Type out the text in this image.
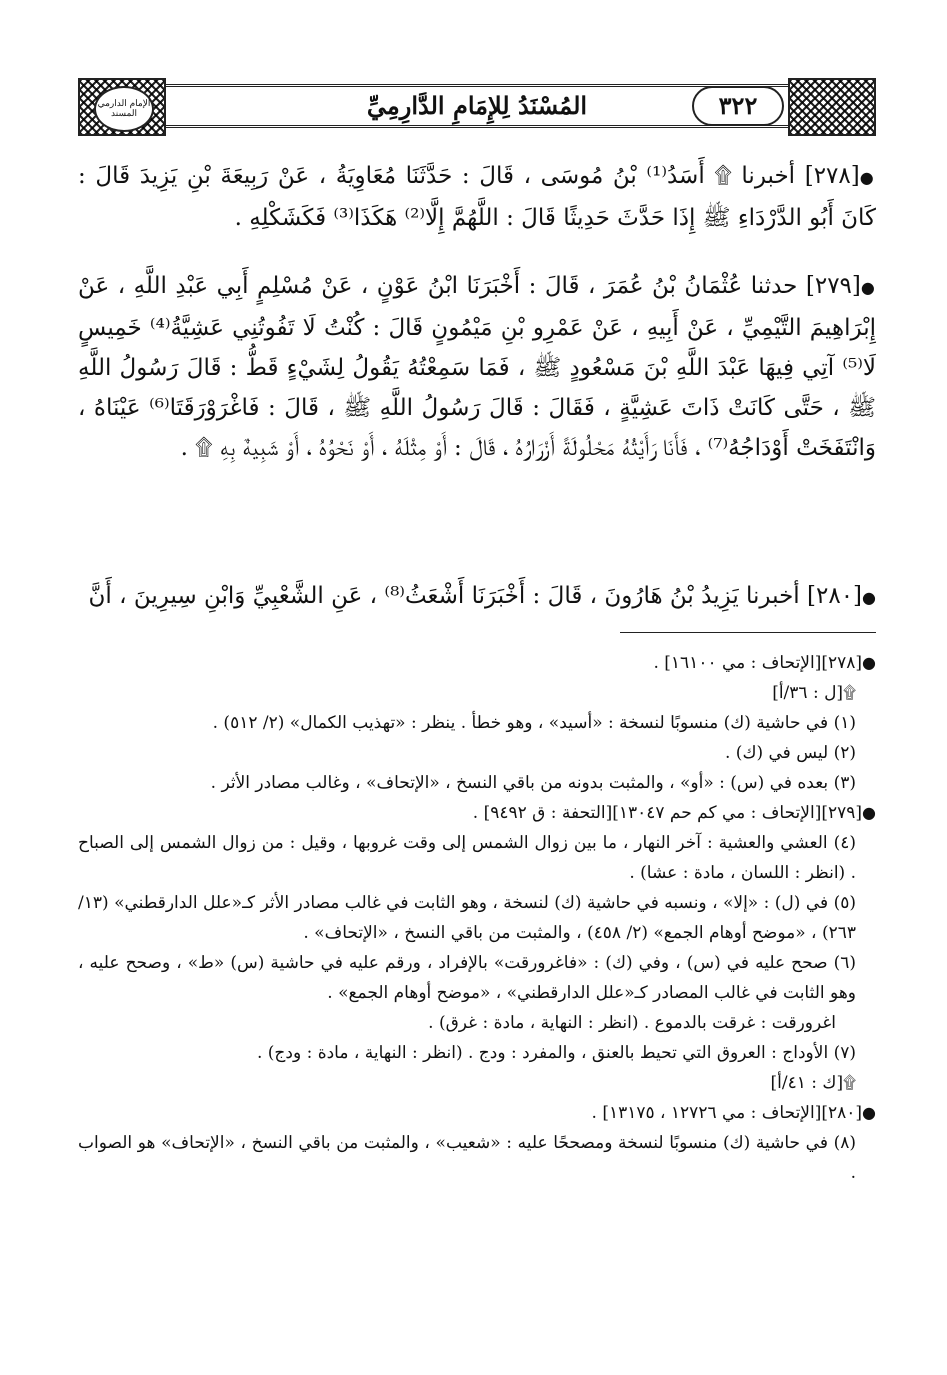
الإمام الدارمي المسند	المُسْنَدُ لِلإِمَامِ الدَّارِمِيِّ	٣٢٢

●[٢٧٨] أخبرنا ۩ أَسَدُ⁽¹⁾ بْنُ مُوسَى ، قَالَ : حَدَّثَنَا مُعَاوِيَةُ ، عَنْ رَبِيعَةَ بْنِ يَزِيدَ قَالَ : كَانَ أَبُو الدَّرْدَاءِ ﷺ إِذَا حَدَّثَ حَدِيثًا قَالَ : اللَّهُمَّ إِلَّا⁽²⁾ هَكَذَا⁽³⁾ فَكَشَكْلِهِ .

●[٢٧٩] حدثنا عُثْمَانُ بْنُ عُمَرَ ، قَالَ : أَخْبَرَنَا ابْنُ عَوْنٍ ، عَنْ مُسْلِمٍ أَبِي عَبْدِ اللَّهِ ، عَنْ إِبْرَاهِيمَ التَّيْمِيِّ ، عَنْ أَبِيهِ ، عَنْ عَمْرِو بْنِ مَيْمُونٍ قَالَ : كُنْتُ لَا تَفُوتُنِي عَشِيَّةُ⁽⁴⁾ خَمِيسٍ لَا⁽⁵⁾ آتِي فِيهَا عَبْدَ اللَّهِ بْنَ مَسْعُودٍ ﷺ ، فَمَا سَمِعْتُهُ يَقُولُ لِشَيْءٍ قَطُّ : قَالَ رَسُولُ اللَّهِ ﷺ ، حَتَّى كَانَتْ ذَاتَ عَشِيَّةٍ ، فَقَالَ : قَالَ رَسُولُ اللَّهِ ﷺ ، قَالَ : فَاغْرَوْرَقَتَا⁽⁶⁾ عَيْنَاهُ ، وَانْتَفَخَتْ أَوْدَاجُهُ⁽⁷⁾ ، فَأَنَا رَأَيْتُهُ مَحْلُولَةً أَزْرَارُهُ ، قَالَ : أَوْ مِثْلَهُ ، أَوْ نَحْوُهُ ، أَوْ شَبِيهٌ بِهِ ۩ .

●[٢٨٠] أخبرنا يَزِيدُ بْنُ هَارُونَ ، قَالَ : أَخْبَرَنَا أَشْعَثُ⁽⁸⁾ ، عَنِ الشَّعْبِيِّ وَابْنِ سِيرِينَ ، أَنَّ

●[٢٧٨][الإتحاف : مي ١٦١٠٠] .

۩[ل : ٣٦/أ]

(١) في حاشية (ك) منسوبًا لنسخة : «أسيد» ، وهو خطأ . ينظر : «تهذيب الكمال» (٢/ ٥١٢) .

(٢) ليس في (ك) .

(٣) بعده في (س) : «أو» ، والمثبت بدونه من باقي النسخ ، «الإتحاف» ، وغالب مصادر الأثر .

●[٢٧٩][الإتحاف : مي كم حم ١٣٠٤٧][التحفة : ق ٩٤٩٢] .

(٤) العشي والعشية : آخر النهار ، ما بين زوال الشمس إلى وقت غروبها ، وقيل : من زوال الشمس إلى الصباح . (انظر : اللسان ، مادة : عشا) .

(٥) في (ل) : «إلا» ، ونسبه في حاشية (ك) لنسخة ، وهو الثابت في غالب مصادر الأثر كـ«علل الدارقطني» (١٣/ ٢٦٣) ، «موضح أوهام الجمع» (٢/ ٤٥٨) ، والمثبت من باقي النسخ ، «الإتحاف» .

(٦) صحح عليه في (س) ، وفي (ك) : «فاغرورقت» بالإفراد ، ورقم عليه في حاشية (س) «ط» ، وصحح عليه ، وهو الثابت في غالب المصادر كـ«علل الدارقطني» ، «موضح أوهام الجمع» .

اغرورقت : غرقت بالدموع . (انظر : النهاية ، مادة : غرق) .

(٧) الأوداج : العروق التي تحيط بالعنق ، والمفرد : ودج . (انظر : النهاية ، مادة : ودج) .

۩[ك : ٤١/أ]

●[٢٨٠][الإتحاف : مي ١٢٧٢٦ ، ١٣١٧٥] .

(٨) في حاشية (ك) منسوبًا لنسخة ومصححًا عليه : «شعيب» ، والمثبت من باقي النسخ ، «الإتحاف» هو الصواب .
